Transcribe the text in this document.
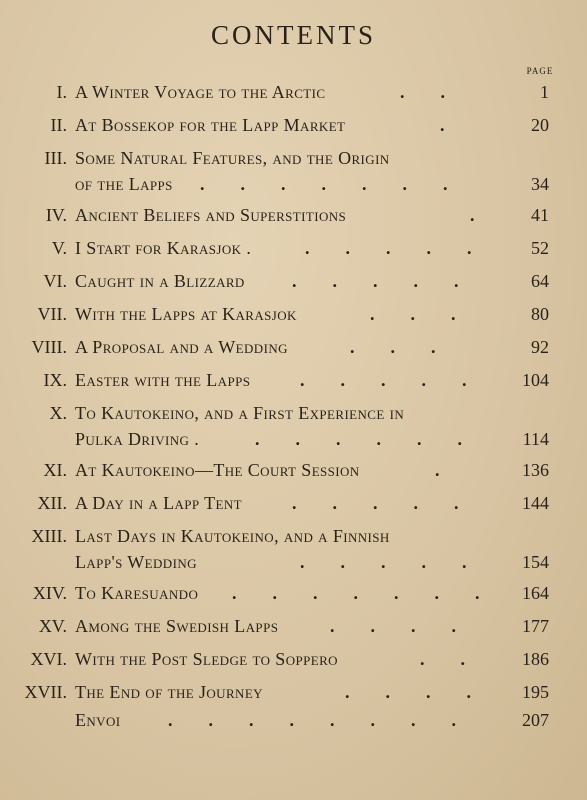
CONTENTS
PAGE
I. A Winter Voyage to the Arctic	.  .	1
II. At Bossekop for the Lapp Market	.	20
III. Some Natural Features, and the Origin
of the Lapps .  .  .  .  .  .  .	34
IV. Ancient Beliefs and Superstitions	.	41
V. I Start for Karasjok .	.  .  .  .  .	52
VI. Caught in a Blizzard	.  .  .  .  .	64
VII. With the Lapps at Karasjok	.  .  .	80
VIII. A Proposal and a Wedding	.  .  .	92
IX. Easter with the Lapps	.  .  .  .  .	104
X. To Kautokeino, and a First Experience in
Pulka Driving .	.  .  .  .  .  .	114
XI. At Kautokeino—The Court Session	.	136
XII. A Day in a Lapp Tent	.  .  .  .  .	144
XIII. Last Days in Kautokeino, and a Finnish
Lapp's Wedding	.  .  .  .  .	154
XIV. To Karesuando .  .  .  .  .  .  .	164
XV. Among the Swedish Lapps	.  .  .  .	177
XVI. With the Post Sledge to Soppero	.  .	186
XVII. The End of the Journey	.  .  .  .	195
Envoi	.  .  .  .  .  .  .  .	207
